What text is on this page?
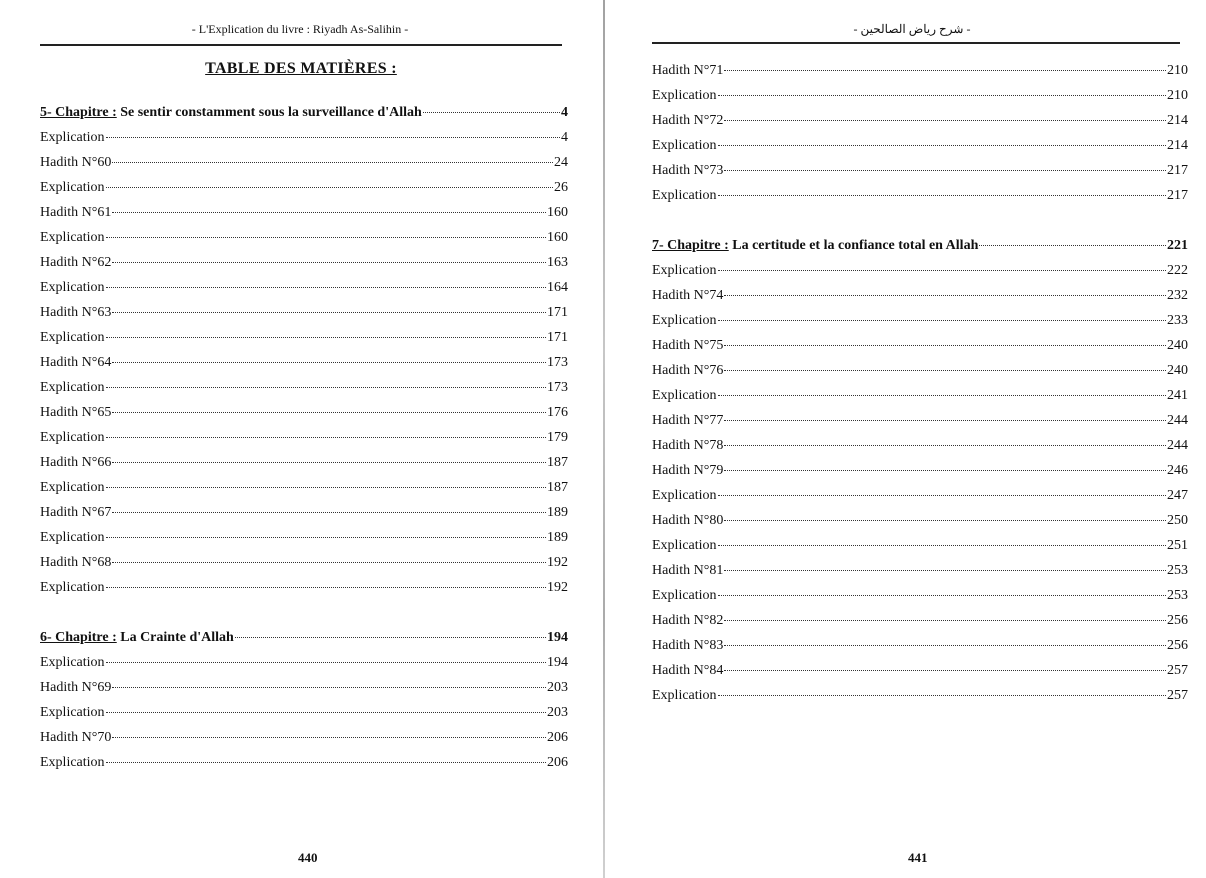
- L'Explication du livre : Riyadh As-Salihin -
TABLE DES MATIÈRES :
5- Chapitre : Se sentir constamment sous la surveillance d'Allah	4
Explication	4
Hadith N°60	24
Explication	26
Hadith N°61	160
Explication	160
Hadith N°62	163
Explication	164
Hadith N°63	171
Explication	171
Hadith N°64	173
Explication	173
Hadith N°65	176
Explication	179
Hadith N°66	187
Explication	187
Hadith N°67	189
Explication	189
Hadith N°68	192
Explication	192
6- Chapitre : La Crainte d'Allah	194
Explication	194
Hadith N°69	203
Explication	203
Hadith N°70	206
Explication	206
440
- شرح رياض الصالحين -
Hadith N°71	210
Explication	210
Hadith N°72	214
Explication	214
Hadith N°73	217
Explication	217
7- Chapitre : La certitude et la confiance total en Allah	221
Explication	222
Hadith N°74	232
Explication	233
Hadith N°75	240
Hadith N°76	240
Explication	241
Hadith N°77	244
Hadith N°78	244
Hadith N°79	246
Explication	247
Hadith N°80	250
Explication	251
Hadith N°81	253
Explication	253
Hadith N°82	256
Hadith N°83	256
Hadith N°84	257
Explication	257
441
